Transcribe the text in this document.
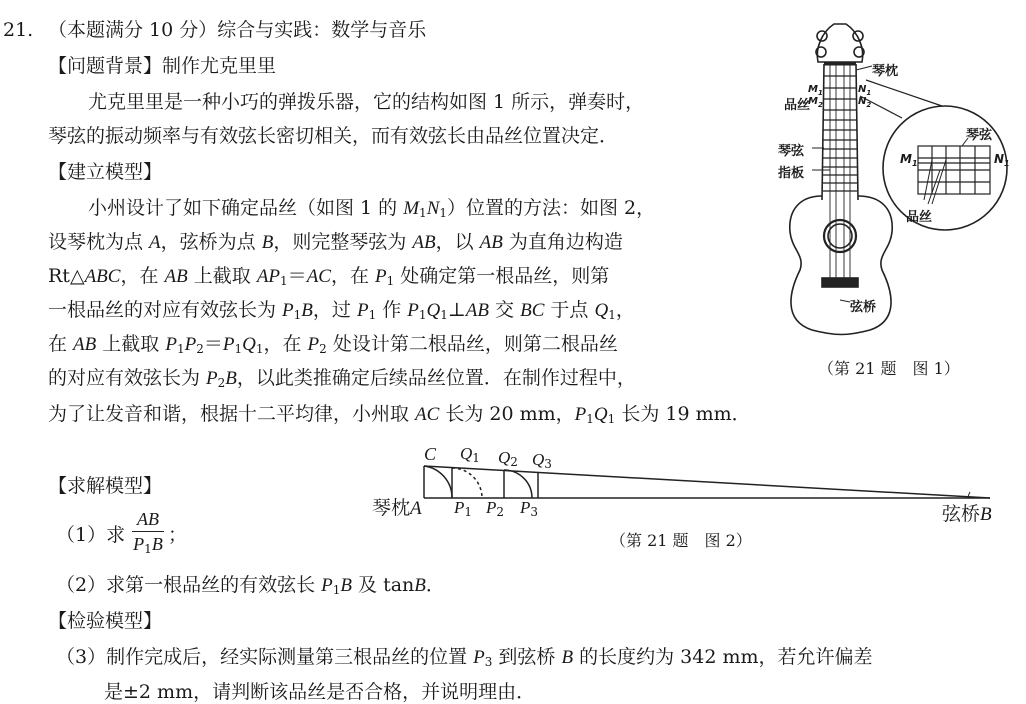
21. （本题满分 10 分）综合与实践：数学与音乐
【问题背景】制作尤克里里
尤克里里是一种小巧的弹拨乐器，它的结构如图 1 所示，弹奏时，
琴弦的振动频率与有效弦长密切相关，而有效弦长由品丝位置决定．
【建立模型】
小州设计了如下确定品丝（如图 1 的 $M_1N_1$）位置的方法：如图 2，
设琴枕为点 A，弦桥为点 B，则完整琴弦为 AB，以 AB 为直角边构造
Rt△ABC，在 AB 上截取 $AP_1=AC$，在 $P_1$ 处确定第一根品丝，则第
一根品丝的对应有效弦长为 $P_1B$，过 $P_1$ 作 $P_1Q_1\perp AB$ 交 BC 于点 $Q_1$，
在 AB 上截取 $P_1P_2=P_1Q_1$，在 $P_2$ 处设计第二根品丝，则第二根品丝
的对应有效弦长为 $P_2B$，以此类推确定后续品丝位置．在制作过程中，
为了让发音和谐，根据十二平均律，小州取 AC 长为 20 mm，$P_1Q_1$ 长为 19 mm．
【求解模型】
（1）求
AB
$P_1B$ ；
（2）求第一根品丝的有效弦长 $P_1B$ 及 tanB．
【检验模型】
（3）制作完成后，经实际测量第三根品丝的位置 $P_3$ 到弦桥 B 的长度约为 342 mm，若允许偏差
是±2 mm，请判断该品丝是否合格，并说明理由．
琴枕
品丝
$M_1$
$M_2$
$N_1$
$N_2$
琴弦
指板
弦桥
琴弦
$M_1$	$N_1$
品丝
（第 21 题　图 1）
C $Q_1$ $Q_2$ $Q_3$
琴枕A $P_1$ $P_2$ $P_3$	弦桥B
（第 21 题　图 2）
